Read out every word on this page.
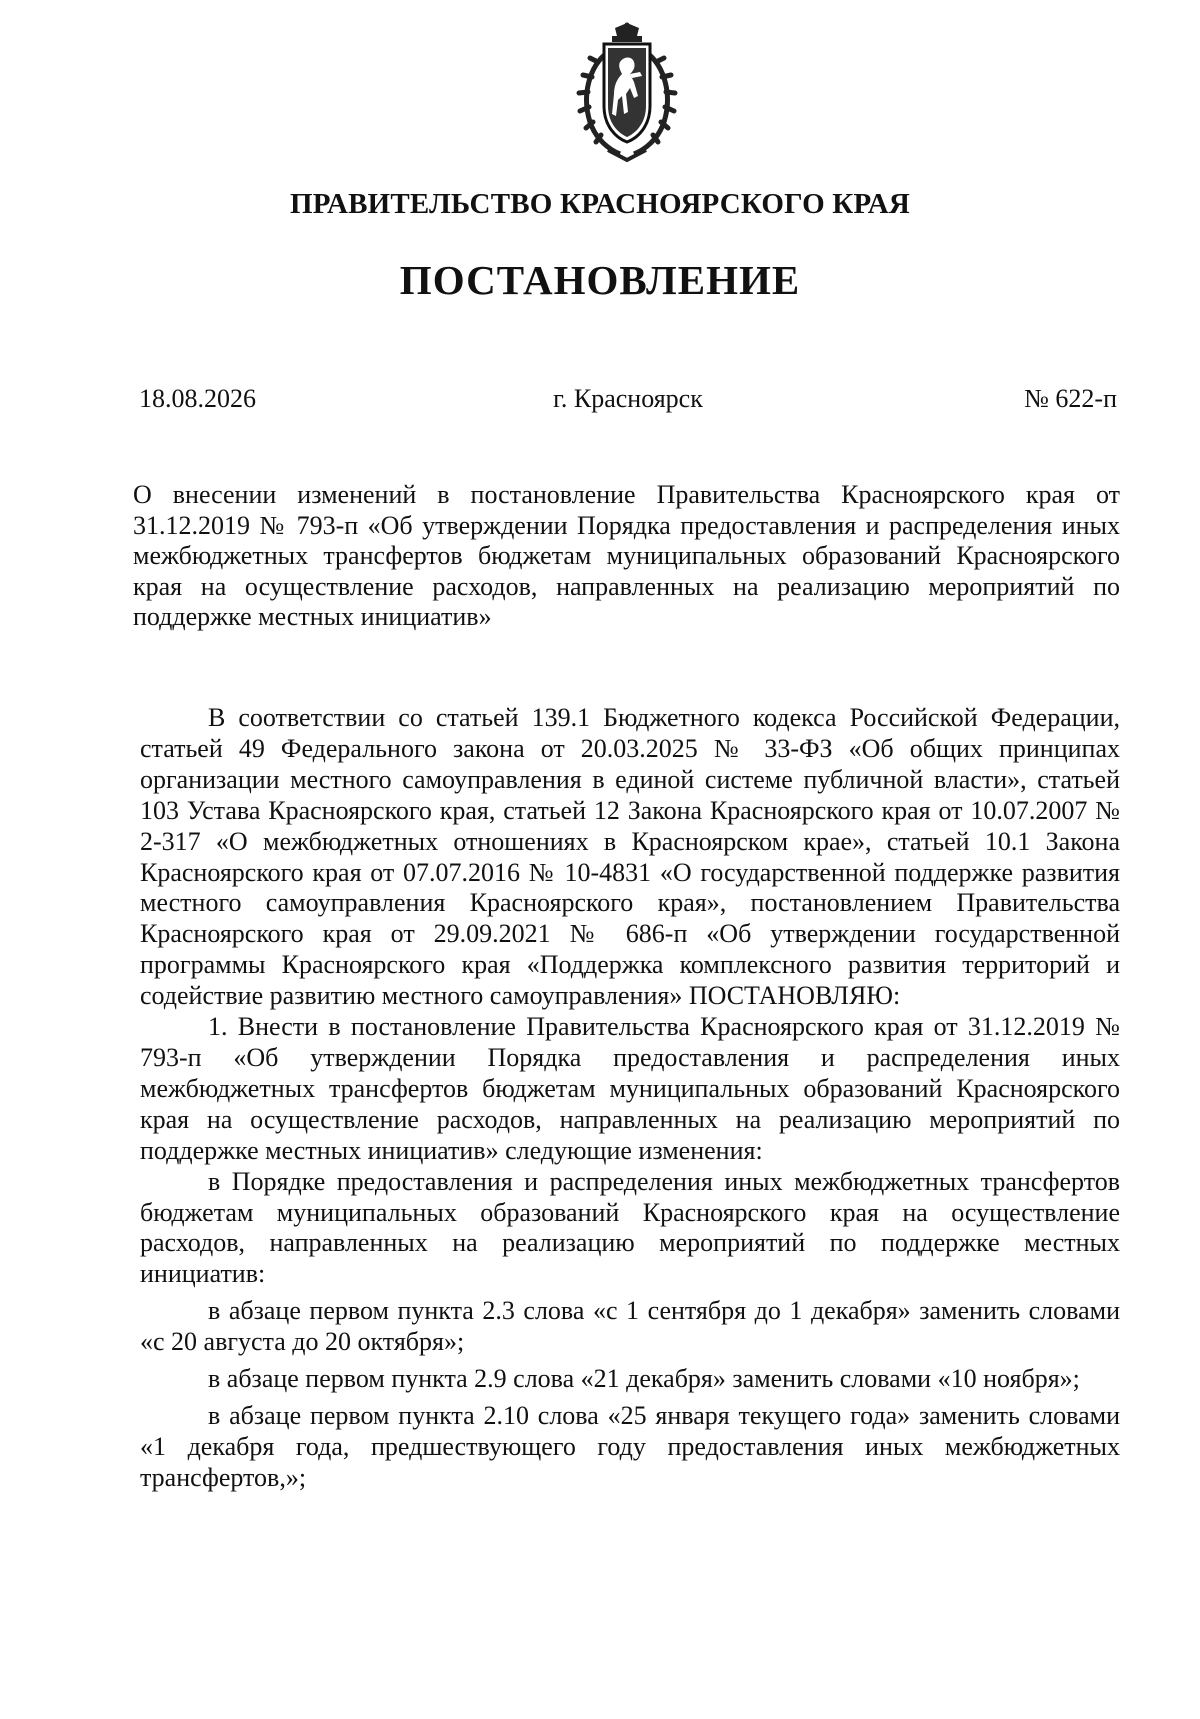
ПРАВИТЕЛЬСТВО КРАСНОЯРСКОГО КРАЯ
ПОСТАНОВЛЕНИЕ
18.08.2026	г. Красноярск	№ 622-п
О внесении изменений в постановление Правительства Красноярского края от 31.12.2019 № 793-п «Об утверждении Порядка предоставления и распределения иных межбюджетных трансфертов бюджетам муниципальных образований Красноярского края на осуществление расходов, направленных на реализацию мероприятий по поддержке местных инициатив»

В соответствии со статьей 139.1 Бюджетного кодекса Российской Федерации, статьей 49 Федерального закона от 20.03.2025 № 33-ФЗ «Об общих принципах организации местного самоуправления в единой системе публичной власти», статьей 103 Устава Красноярского края, статьей 12 Закона Красноярского края от 10.07.2007 № 2-317 «О межбюджетных отношениях в Красноярском крае», статьей 10.1 Закона Красноярского края от 07.07.2016 № 10-4831 «О государственной поддержке развития местного самоуправления Красноярского края», постановлением Правительства Красноярского края от 29.09.2021 № 686-п «Об утверждении государственной программы Красноярского края «Поддержка комплексного развития территорий и содействие развитию местного самоуправления» ПОСТАНОВЛЯЮ:

1. Внести в постановление Правительства Красноярского края от 31.12.2019 № 793-п «Об утверждении Порядка предоставления и распределения иных межбюджетных трансфертов бюджетам муниципальных образований Красноярского края на осуществление расходов, направленных на реализацию мероприятий по поддержке местных инициатив» следующие изменения:

в Порядке предоставления и распределения иных межбюджетных трансфертов бюджетам муниципальных образований Красноярского края на осуществление расходов, направленных на реализацию мероприятий по поддержке местных инициатив:

в абзаце первом пункта 2.3 слова «с 1 сентября до 1 декабря» заменить словами «с 20 августа до 20 октября»;

в абзаце первом пункта 2.9 слова «21 декабря» заменить словами «10 ноября»;

в абзаце первом пункта 2.10 слова «25 января текущего года» заменить словами «1 декабря года, предшествующего году предоставления иных межбюджетных трансфертов,»;
